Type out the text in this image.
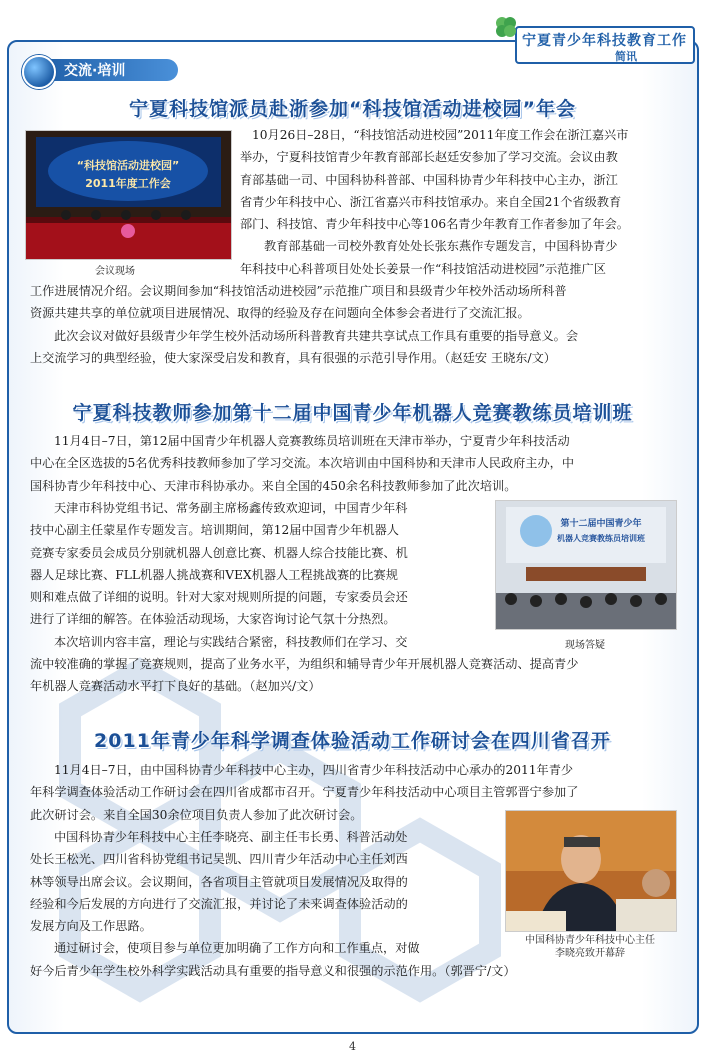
宁夏青少年科技教育工作
简讯
交流·培训
宁夏科技馆派员赴浙参加“科技馆活动进校园”年会
“科技馆活动进校园”
2011年度工作会
会议现场

10月26日–28日，“科技馆活动进校园”2011年度工作会在浙江嘉兴市

举办，宁夏科技馆青少年教育部部长赵廷安参加了学习交流。会议由教

育部基础一司、中国科协科普部、中国科协青少年科技中心主办，浙江

省青少年科技中心、浙江省嘉兴市科技馆承办。来自全国21个省级教育

部门、科技馆、青少年科技中心等106名青少年教育工作者参加了年会。

教育部基础一司校外教育处处长张东燕作专题发言，中国科协青少

年科技中心科普项目处处长姜景一作“科技馆活动进校园”示范推广区

工作进展情况介绍。会议期间参加“科技馆活动进校园”示范推广项目和县级青少年校外活动场所科普

资源共建共享的单位就项目进展情况、取得的经验及存在问题向全体参会者进行了交流汇报。

此次会议对做好县级青少年学生校外活动场所科普教育共建共享试点工作具有重要的指导意义。会

上交流学习的典型经验，使大家深受启发和教育，具有很强的示范引导作用。（赵廷安 王晓东/文）

宁夏科技教师参加第十二届中国青少年机器人竞赛教练员培训班

11月4日–7日，第12届中国青少年机器人竞赛教练员培训班在天津市举办，宁夏青少年科技活动

中心在全区选拔的5名优秀科技教师参加了学习交流。本次培训由中国科协和天津市人民政府主办，中

国科协青少年科技中心、天津市科协承办。来自全国的450余名科技教师参加了此次培训。

天津市科协党组书记、常务副主席杨鑫传致欢迎词，中国青少年科

技中心副主任蒙星作专题发言。培训期间，第12届中国青少年机器人

竞赛专家委员会成员分别就机器人创意比赛、机器人综合技能比赛、机

器人足球比赛、FLL机器人挑战赛和VEX机器人工程挑战赛的比赛规

则和难点做了详细的说明。针对大家对规则所提的问题，专家委员会还

进行了详细的解答。在体验活动现场，大家咨询讨论气氛十分热烈。

本次培训内容丰富，理论与实践结合紧密，科技教师们在学习、交

第十二届中国青少年
机器人竞赛教练员培训班
现场答疑

流中较准确的掌握了竞赛规则，提高了业务水平，为组织和辅导青少年开展机器人竞赛活动、提高青少

年机器人竞赛活动水平打下良好的基础。（赵加兴/文）

2011年青少年科学调查体验活动工作研讨会在四川省召开

11月4日–7日，由中国科协青少年科技中心主办，四川省青少年科技活动中心承办的2011年青少

年科学调查体验活动工作研讨会在四川省成都市召开。宁夏青少年科技活动中心项目主管郭晋宁参加了

此次研讨会。来自全国30余位项目负责人参加了此次研讨会。

中国科协青少年科技中心主任李晓亮、副主任韦长勇、科普活动处

处长王松光、四川省科协党组书记吴凯、四川青少年活动中心主任刘西

林等领导出席会议。会议期间，各省项目主管就项目发展情况及取得的

经验和今后发展的方向进行了交流汇报，并讨论了未来调查体验活动的

发展方向及工作思路。

通过研讨会，使项目参与单位更加明确了工作方向和工作重点，对做

中国科协青少年科技中心主任
李晓亮致开幕辞

好今后青少年学生校外科学实践活动具有重要的指导意义和很强的示范作用。（郭晋宁/文）

4
